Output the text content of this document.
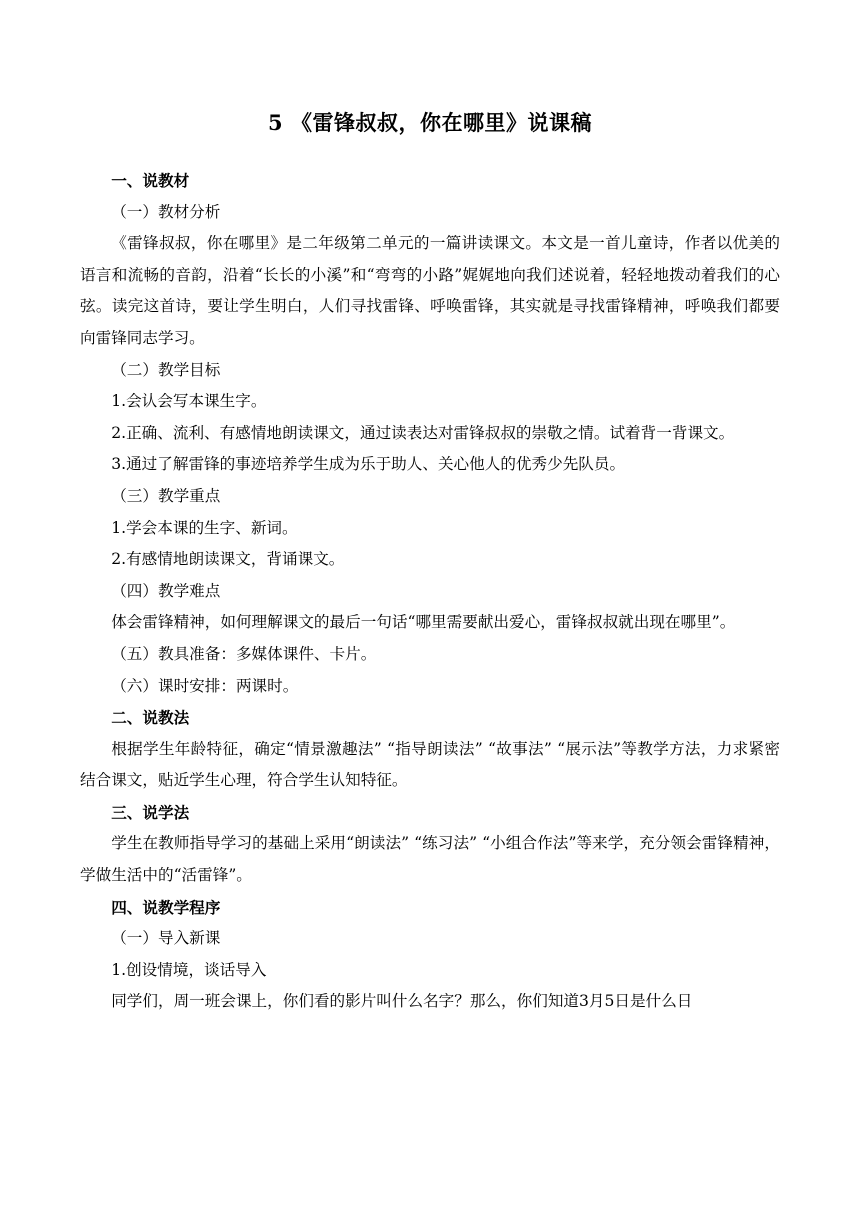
5 《雷锋叔叔，你在哪里》说课稿

一、说教材

（一）教材分析

《雷锋叔叔，你在哪里》是二年级第二单元的一篇讲读课文。本文是一首儿童诗，作者以优美的语言和流畅的音韵，沿着“长长的小溪”和“弯弯的小路”娓娓地向我们述说着，轻轻地拨动着我们的心弦。读完这首诗，要让学生明白，人们寻找雷锋、呼唤雷锋，其实就是寻找雷锋精神，呼唤我们都要向雷锋同志学习。

（二）教学目标

1.会认会写本课生字。

2.正确、流利、有感情地朗读课文，通过读表达对雷锋叔叔的崇敬之情。试着背一背课文。

3.通过了解雷锋的事迹培养学生成为乐于助人、关心他人的优秀少先队员。

（三）教学重点

1.学会本课的生字、新词。

2.有感情地朗读课文，背诵课文。

（四）教学难点

体会雷锋精神，如何理解课文的最后一句话“哪里需要献出爱心，雷锋叔叔就出现在哪里”。

（五）教具准备：多媒体课件、卡片。

（六）课时安排：两课时。

二、说教法

根据学生年龄特征，确定“情景激趣法” “指导朗读法” “故事法” “展示法”等教学方法，力求紧密结合课文，贴近学生心理，符合学生认知特征。

三、说学法

学生在教师指导学习的基础上采用“朗读法” “练习法” “小组合作法”等来学，充分领会雷锋精神，学做生活中的“活雷锋”。

四、说教学程序

（一）导入新课

1.创设情境，谈话导入

同学们，周一班会课上，你们看的影片叫什么名字？那么，你们知道3月5日是什么日
